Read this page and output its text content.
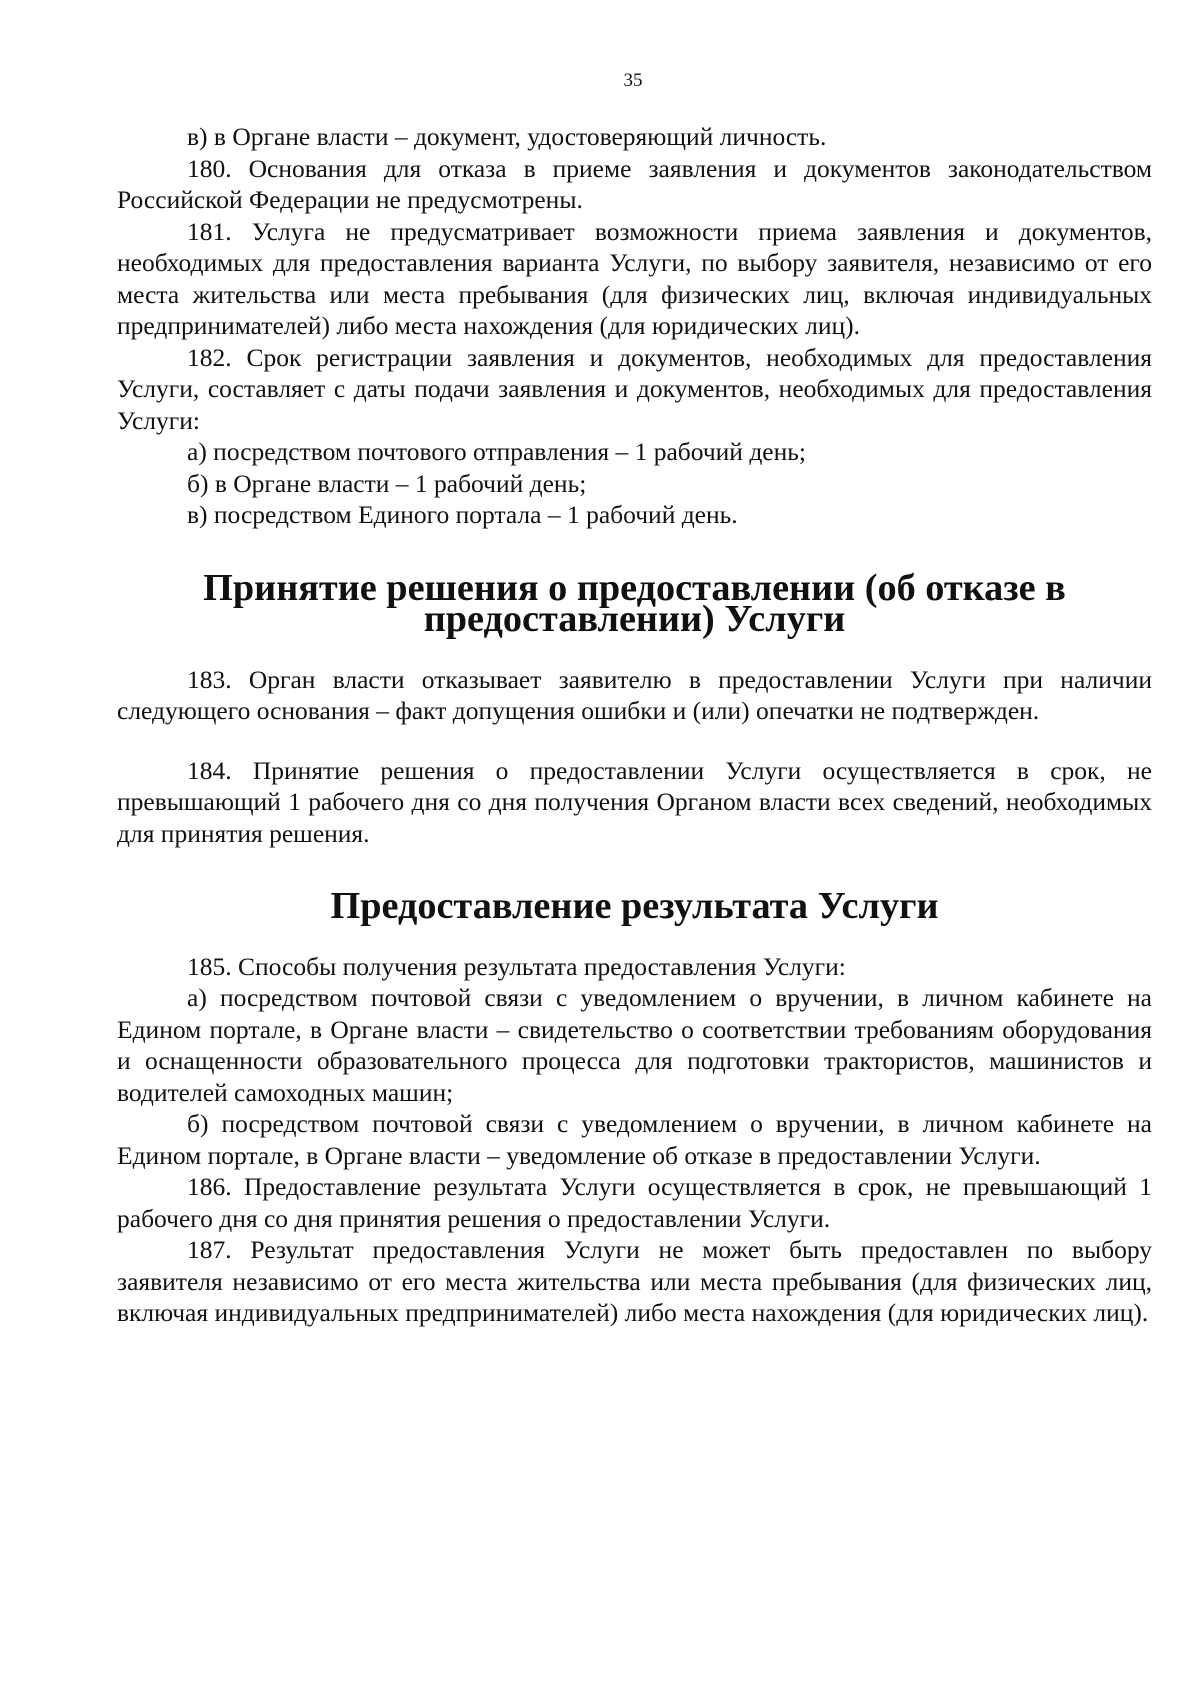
35

в) в Органе власти – документ, удостоверяющий личность.

180. Основания для отказа в приеме заявления и документов законодательством Российской Федерации не предусмотрены.

181. Услуга не предусматривает возможности приема заявления и документов, необходимых для предоставления варианта Услуги, по выбору заявителя, независимо от его места жительства или места пребывания (для физических лиц, включая индивидуальных предпринимателей) либо места нахождения (для юридических лиц).

182. Срок регистрации заявления и документов, необходимых для предоставления Услуги, составляет с даты подачи заявления и документов, необходимых для предоставления Услуги:

а) посредством почтового отправления – 1 рабочий день;

б) в Органе власти – 1 рабочий день;

в) посредством Единого портала – 1 рабочий день.

Принятие решения о предоставлении (об отказе в предоставлении) Услуги

183. Орган власти отказывает заявителю в предоставлении Услуги при наличии следующего основания – факт допущения ошибки и (или) опечатки не подтвержден.

184. Принятие решения о предоставлении Услуги осуществляется в срок, не превышающий 1 рабочего дня со дня получения Органом власти всех сведений, необходимых для принятия решения.

Предоставление результата Услуги

185. Способы получения результата предоставления Услуги:

а) посредством почтовой связи с уведомлением о вручении, в личном кабинете на Едином портале, в Органе власти – свидетельство о соответствии требованиям оборудования и оснащенности образовательного процесса для подготовки трактористов, машинистов и водителей самоходных машин;

б) посредством почтовой связи с уведомлением о вручении, в личном кабинете на Едином портале, в Органе власти – уведомление об отказе в предоставлении Услуги.

186. Предоставление результата Услуги осуществляется в срок, не превышающий 1 рабочего дня со дня принятия решения о предоставлении Услуги.

187. Результат предоставления Услуги не может быть предоставлен по выбору заявителя независимо от его места жительства или места пребывания (для физических лиц, включая индивидуальных предпринимателей) либо места нахождения (для юридических лиц).
